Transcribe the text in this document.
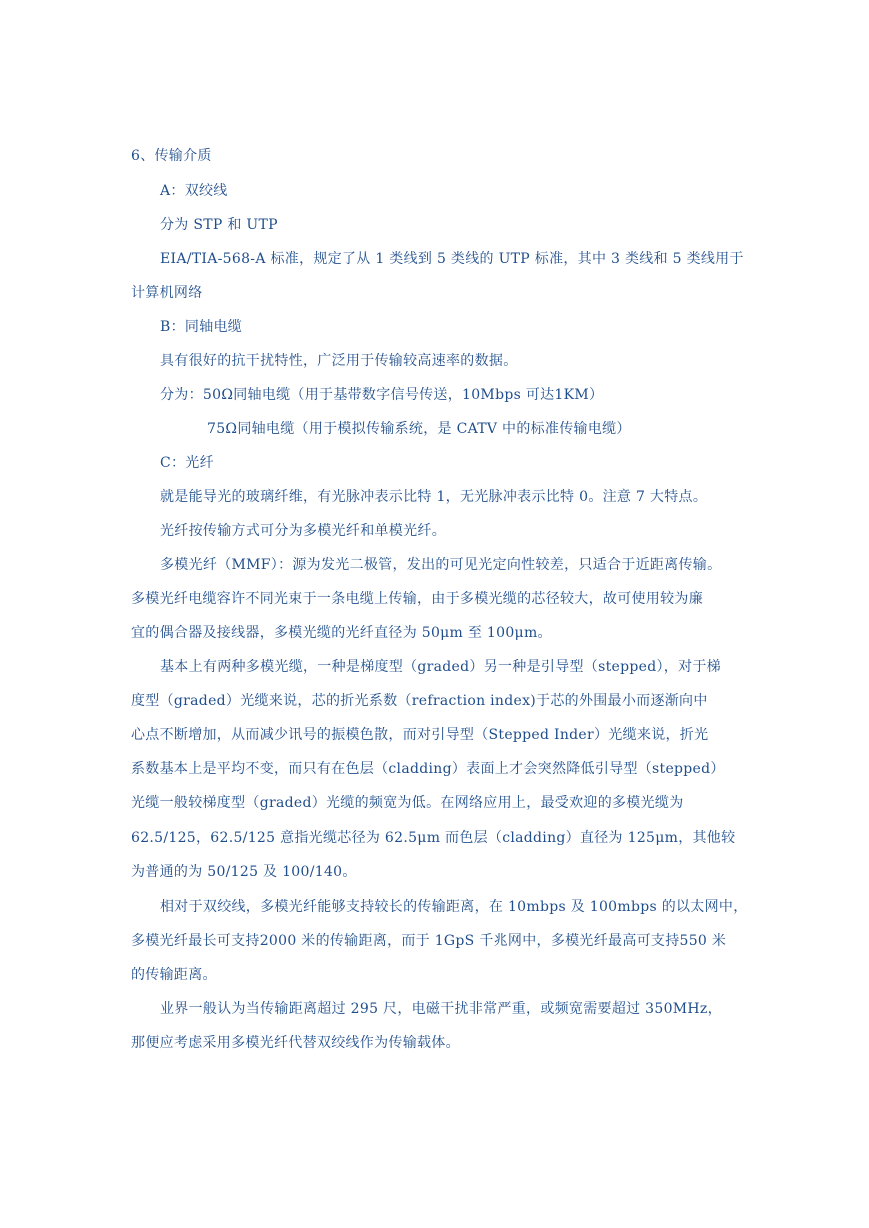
6、传输介质
A：双绞线
分为 STP 和 UTP
EIA/TIA-568-A 标准，规定了从 1 类线到 5 类线的 UTP 标准，其中 3 类线和 5 类线用于
计算机网络
B：同轴电缆
具有很好的抗干扰特性，广泛用于传输较高速率的数据。
分为：50Ω同轴电缆（用于基带数字信号传送，10Mbps 可达1KM）
75Ω同轴电缆（用于模拟传输系统，是 CATV 中的标准传输电缆）
C：光纤
就是能导光的玻璃纤维，有光脉冲表示比特 1，无光脉冲表示比特 0。注意 7 大特点。
光纤按传输方式可分为多模光纤和单模光纤。
多模光纤（MMF）：源为发光二极管，发出的可见光定向性较差，只适合于近距离传输。
多模光纤电缆容许不同光束于一条电缆上传输，由于多模光缆的芯径较大，故可使用较为廉
宜的偶合器及接线器，多模光缆的光纤直径为 50μm 至 100μm。
基本上有两种多模光缆，一种是梯度型（graded）另一种是引导型（stepped），对于梯
度型（graded）光缆来说，芯的折光系数（refraction index)于芯的外围最小而逐渐向中
心点不断增加，从而减少讯号的振模色散，而对引导型（Stepped Inder）光缆来说，折光
系数基本上是平均不变，而只有在色层（cladding）表面上才会突然降低引导型（stepped）
光缆一般较梯度型（graded）光缆的频宽为低。在网络应用上，最受欢迎的多模光缆为
62.5/125，62.5/125 意指光缆芯径为 62.5μm 而色层（cladding）直径为 125μm，其他较
为普通的为 50/125 及 100/140。
相对于双绞线，多模光纤能够支持较长的传输距离，在 10mbps 及 100mbps 的以太网中，
多模光纤最长可支持2000 米的传输距离，而于 1GpS 千兆网中，多模光纤最高可支持550 米
的传输距离。
业界一般认为当传输距离超过 295 尺，电磁干扰非常严重，或频宽需要超过 350MHz，
那便应考虑采用多模光纤代替双绞线作为传输载体。
